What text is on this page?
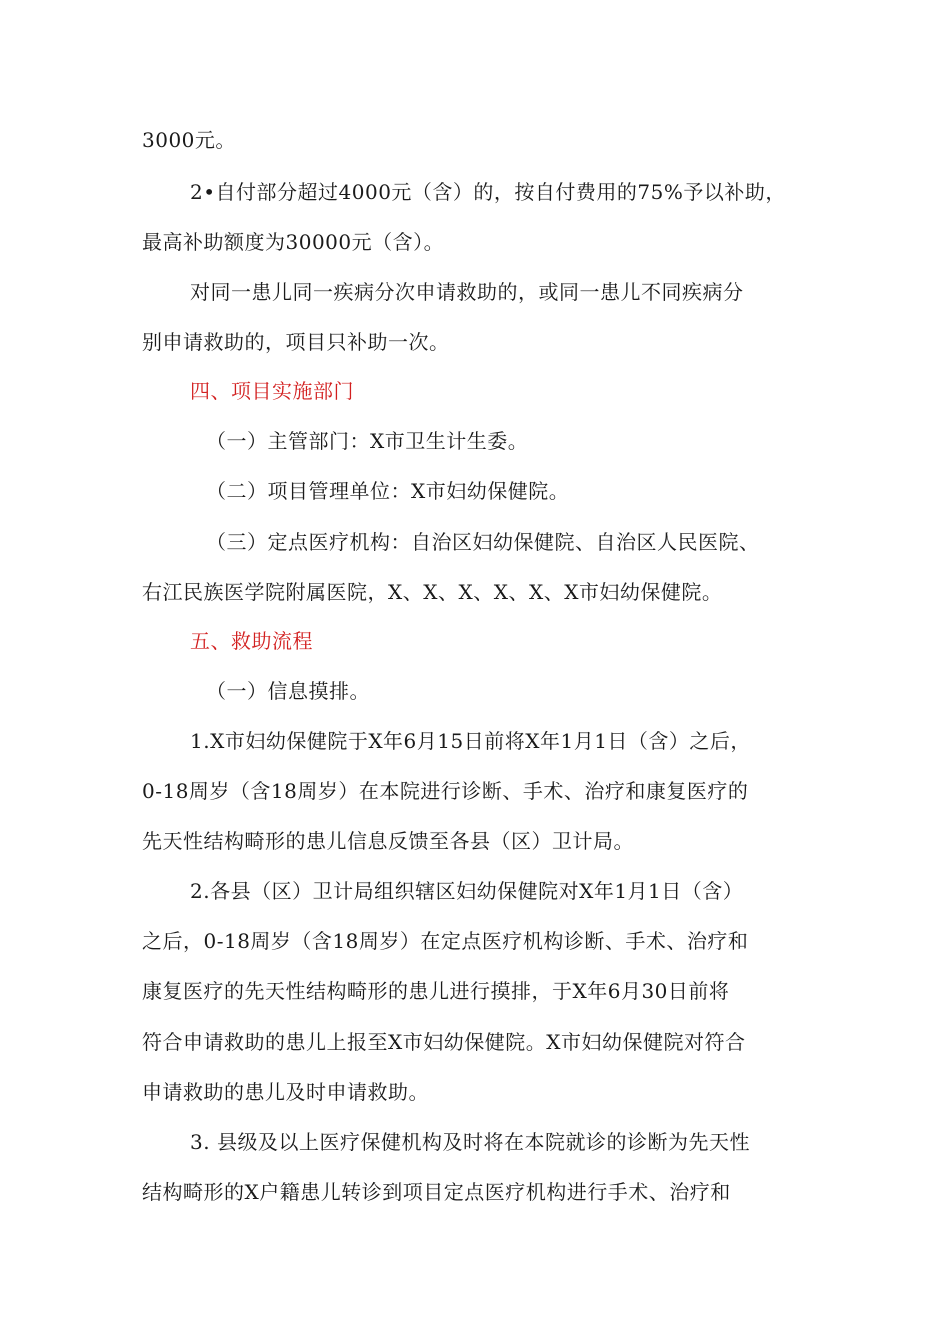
3000元。
2•自付部分超过4000元（含）的，按自付费用的75%予以补助，
最高补助额度为30000元（含）。
对同一患儿同一疾病分次申请救助的，或同一患儿不同疾病分
别申请救助的，项目只补助一次。
四、项目实施部门
（一）主管部门：X市卫生计生委。
（二）项目管理单位：X市妇幼保健院。
（三）定点医疗机构：自治区妇幼保健院、自治区人民医院、
右江民族医学院附属医院，X、X、X、X、X、X市妇幼保健院。
五、救助流程
（一）信息摸排。
1.X市妇幼保健院于X年6月15日前将X年1月1日（含）之后，
0-18周岁（含18周岁）在本院进行诊断、手术、治疗和康复医疗的
先天性结构畸形的患儿信息反馈至各县（区）卫计局。
2.各县（区）卫计局组织辖区妇幼保健院对X年1月1日（含）
之后，0-18周岁（含18周岁）在定点医疗机构诊断、手术、治疗和
康复医疗的先天性结构畸形的患儿进行摸排，于X年6月30日前将
符合申请救助的患儿上报至X市妇幼保健院。X市妇幼保健院对符合
申请救助的患儿及时申请救助。
3. 县级及以上医疗保健机构及时将在本院就诊的诊断为先天性
结构畸形的X户籍患儿转诊到项目定点医疗机构进行手术、治疗和
